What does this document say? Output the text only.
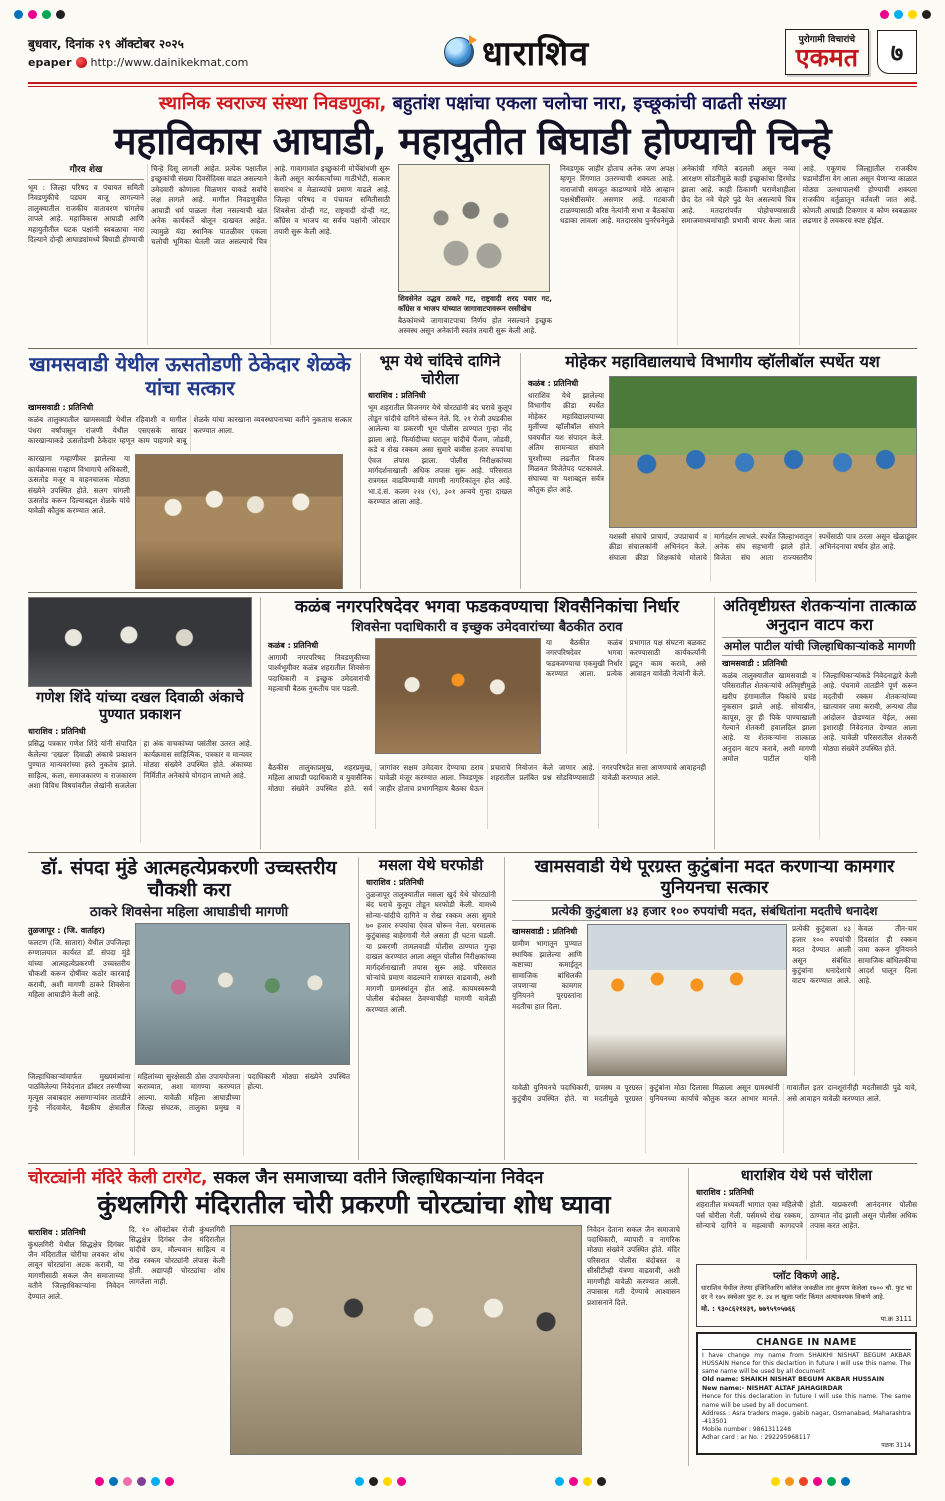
बुधवार, दिनांक २९ ऑक्टोबर २०२५
epaper http://www.dainikekmat.com	धाराशिव	पुरोगामी विचारांचे
एकमत	७
स्थानिक स्वराज्य संस्था निवडणुका, बहुतांश पक्षांचा एकला चलोचा नारा, इच्छूकांची वाढती संख्या
महाविकास आघाडी, महायुतीत बिघाडी होण्याची चिन्हे
गौरव शेख
भूम : जिल्हा परिषद व पंचायत समिती निवडणुकीचे पडघम वाजू लागल्याने तालुक्यातील राजकीय वातावरण चांगलेच तापले आहे. महाविकास आघाडी आणि महायुतीतील घटक पक्षांनी स्वबळाचा नारा दिल्याने दोन्ही आघाड्यांमध्ये बिघाडी होण्याची चिन्हे दिसू लागली आहेत. प्रत्येक पक्षातील इच्छुकांची संख्या दिवसेंदिवस वाढत असल्याने उमेदवारी कोणाला मिळणार याकडे सर्वांचे लक्ष लागले आहे. मागील निवडणुकीत आघाडी धर्म पाळला गेला नसल्याची खंत अनेक कार्यकर्ते बोलून दाखवत आहेत. त्यामुळे यंदा स्थानिक पातळीवर एकला चलोची भूमिका घेतली जात असल्याचे चित्र आहे. गावागावांत इच्छुकांनी मोर्चेबांधणी सुरू केली असून कार्यकर्त्यांच्या गाठीभेटी, सत्कार समारंभ व मेळाव्यांचे प्रमाण वाढले आहे. जिल्हा परिषद व पंचायत समितीसाठी शिवसेना दोन्ही गट, राष्ट्रवादी दोन्ही गट, काँग्रेस व भाजप या सर्वच पक्षांनी जोरदार तयारी सुरू केली आहे.
शिवसेनेत उद्धव ठाकरे गट, राष्ट्रवादी शरद पवार गट, काँग्रेस व भाजप यांच्यात जागावाटपावरून रस्सीखेच
बैठकांमध्ये जागावाटपाचा निर्णय होत नसल्याने इच्छुक अस्वस्थ असून अनेकांनी स्वतंत्र तयारी सुरू केली आहे.
निवडणूक जाहीर होताच अनेक जण अपक्ष म्हणून रिंगणात उतरण्याची शक्यता आहे. नाराजांची समजूत काढण्याचे मोठे आव्हान पक्षश्रेष्ठींसमोर असणार आहे. गटबाजी टाळण्यासाठी वरिष्ठ नेत्यांनी सभा व बैठकांचा धडाका लावला आहे. मतदारसंघ पुनर्रचनेमुळे अनेकांची गणिते बदलली असून नव्या आरक्षण सोडतीमुळे काही इच्छुकांचा हिरमोड झाला आहे. काही ठिकाणी घराणेशाहीला छेद देत नवे चेहरे पुढे येत असल्याचे चित्र आहे. मतदारांपर्यंत पोहोचण्यासाठी समाजमाध्यमांचाही प्रभावी वापर केला जात आहे. एकूणच जिल्ह्यातील राजकीय घडामोडींना वेग आला असून येणाऱ्या काळात मोठ्या उलथापालथी होण्याची शक्यता राजकीय वर्तुळातून वर्तवली जात आहे. कोणती आघाडी टिकणार व कोण स्वबळावर लढणार हे लवकरच स्पष्ट होईल.
खामसवाडी येथील ऊसतोडणी ठेकेदार शेळके यांचा सत्कार
खामसवाडी : प्रतिनिधी
कळंब तालुक्यातील खामसवाडी येथील रहिवाशी व मागील पंधरा वर्षांपासून रांजणी येथील एसएसके साखर कारखान्याकडे ऊसतोडणी ठेकेदार म्हणून काम पाहणारे बाबू शेळके यांचा कारखाना व्यवस्थापनाच्या वतीने नुकताच सत्कार करण्यात आला.
कारखाना गव्हाणीवर झालेल्या या कार्यक्रमास गव्हाण विभागाचे अधिकारी, ऊसतोड मजूर व वाहनचालक मोठ्या संख्येने उपस्थित होते. सलग चांगली ऊसतोड करून दिल्याबद्दल शेळके यांचे यावेळी कौतुक करण्यात आले.
भूम येथे चांदिचे दागिने चोरीला
धाराशिव : प्रतिनिधी
भूम शहरातील विजनगर येथे चोरट्यांनी बंद घराचे कुलूप तोडून चांदीचे दागिने चोरून नेले. दि. २१ रोजी उघडकीस आलेल्या या प्रकरणी भूम पोलीस ठाण्यात गुन्हा नोंद झाला आहे. फिर्यादीच्या घरातून चांदीचे पैंजण, जोडवी, कडे व रोख रक्कम असा सुमारे बावीस हजार रुपयांचा ऐवज लंपास झाला. पोलीस निरीक्षकांच्या मार्गदर्शनाखाली अधिक तपास सुरू आहे. परिसरात रात्रगस्त वाढविण्याची मागणी नागरिकांतून होत आहे. भा.दं.सं. कलम २२४ (९), ३०१ अन्वये गुन्हा दाखल करण्यात आला आहे.
मोहेकर महाविद्यालयाचे विभागीय व्हॉलीबॉल स्पर्धेत यश
कळंब : प्रतिनिधी
धाराशिव येथे झालेल्या विभागीय क्रीडा स्पर्धेत मोहेकर महाविद्यालयाच्या मुलींच्या व्हॉलीबॉल संघाने घवघवीत यश संपादन केले. अंतिम सामन्यात संघाने चुरशीच्या लढतीत विजय मिळवत विजेतेपद पटकावले. संघाच्या या यशाबद्दल सर्वत्र कौतुक होत आहे.
यशस्वी संघाचे प्राचार्य, उपप्राचार्य व क्रीडा संचालकांनी अभिनंदन केले. संघाला क्रीडा शिक्षकांचे मोलाचे मार्गदर्शन लाभले. स्पर्धेत जिल्हाभरातून अनेक संघ सहभागी झाले होते. विजेता संघ आता राज्यस्तरीय स्पर्धेसाठी पात्र ठरला असून खेळाडूंवर अभिनंदनाचा वर्षाव होत आहे.
गणेश शिंदे यांच्या दखल दिवाळी अंकाचे पुण्यात प्रकाशन
धाराशिव : प्रतिनिधी
प्रसिद्ध पत्रकार गणेश शिंदे यांनी संपादित केलेल्या ‘दखल’ दिवाळी अंकाचे प्रकाशन पुण्यात मान्यवरांच्या हस्ते नुकतेच झाले. साहित्य, कला, समाजकारण व राजकारण अशा विविध विषयांवरील लेखांनी सजलेला हा अंक वाचकांच्या पसंतीस उतरत आहे. कार्यक्रमास साहित्यिक, पत्रकार व मान्यवर मोठ्या संख्येने उपस्थित होते. अंकाच्या निर्मितीत अनेकांचे योगदान लाभले आहे.
कळंब नगरपरिषदेवर भगवा फडकवण्याचा शिवसैनिकांचा निर्धार
शिवसेना पदाधिकारी व इच्छुक उमेदवारांच्या बैठकीत ठराव
कळंब : प्रतिनिधी
आगामी नगरपरिषद निवडणुकीच्या पार्श्वभूमीवर कळंब शहरातील शिवसेना पदाधिकारी व इच्छुक उमेदवारांची महत्वाची बैठक नुकतीच पार पडली.
या बैठकीत कळंब नगरपरिषदेवर भगवा फडकवण्याचा एकमुखी निर्धार करण्यात आला. प्रत्येक प्रभागात पक्ष संघटना बळकट करण्यासाठी कार्यकर्त्यांनी झटून काम करावे, असे आवाहन यावेळी नेत्यांनी केले.
बैठकीस तालुकाप्रमुख, शहरप्रमुख, महिला आघाडी पदाधिकारी व युवासैनिक मोठ्या संख्येने उपस्थित होते. सर्व जागांवर सक्षम उमेदवार देण्याचा ठराव यावेळी मंजूर करण्यात आला. निवडणूक जाहीर होताच प्रभागनिहाय बैठका घेऊन प्रचाराचे नियोजन केले जाणार आहे. शहरातील प्रलंबित प्रश्न सोडविण्यासाठी नगरपरिषदेत सत्ता आणण्याचे आवाहनही यावेळी करण्यात आले.
अतिवृष्टीग्रस्त शेतकऱ्यांना तात्काळ अनुदान वाटप करा
अमोल पाटील यांची जिल्हाधिकाऱ्यांकडे मागणी
खामसवाडी : प्रतिनिधी
कळंब तालुक्यातील खामसवाडी व परिसरातील शेतकऱ्यांचे अतिवृष्टीमुळे खरीप हंगामातील पिकांचे प्रचंड नुकसान झाले आहे. सोयाबीन, कापूस, तूर ही पिके पाण्याखाली गेल्याने शेतकरी हवालदिल झाला आहे. या शेतकऱ्यांना तात्काळ अनुदान वाटप करावे, अशी मागणी अमोल पाटील यांनी जिल्हाधिकाऱ्यांकडे निवेदनाद्वारे केली आहे. पंचनामे तातडीने पूर्ण करून मदतीची रक्कम शेतकऱ्यांच्या खात्यावर जमा करावी, अन्यथा तीव्र आंदोलन छेडण्यात येईल, असा इशाराही निवेदनात देण्यात आला आहे. यावेळी परिसरातील शेतकरी मोठ्या संख्येने उपस्थित होते.
डॉ. संपदा मुंडे आत्महत्येप्रकरणी उच्चस्तरीय चौकशी करा
ठाकरे शिवसेना महिला आघाडीची मागणी
तुळजापूर : (जि. वार्ताहर)
फलटण (जि. सातारा) येथील उपजिल्हा रुग्णालयात कार्यरत डॉ. संपदा मुंडे यांच्या आत्महत्येप्रकरणी उच्चस्तरीय चौकशी करून दोषींवर कठोर कारवाई करावी, अशी मागणी ठाकरे शिवसेना महिला आघाडीने केली आहे.
जिल्हाधिकाऱ्यांमार्फत मुख्यमंत्र्यांना पाठविलेल्या निवेदनात डॉक्टर तरुणीच्या मृत्यूस जबाबदार असणाऱ्यांवर तातडीने गुन्हे नोंदवावेत, वैद्यकीय क्षेत्रातील महिलांच्या सुरक्षेसाठी ठोस उपाययोजना कराव्यात, अशा मागण्या करण्यात आल्या. यावेळी महिला आघाडीच्या जिल्हा संघटक, तालुका प्रमुख व पदाधिकारी मोठ्या संख्येने उपस्थित होत्या.
मसला येथे घरफोडी
धाराशिव : प्रतिनिधी
तुळजापूर तालुक्यातील मसला खुर्द येथे चोरट्यांनी बंद घराचे कुलूप तोडून घरफोडी केली. यामध्ये सोन्या-चांदीचे दागिने व रोख रक्कम असा सुमारे ७० हजार रुपयांचा ऐवज चोरून नेला. घरमालक कुटुंबासह बाहेरगावी गेले असता ही घटना घडली. या प्रकरणी तामलवाडी पोलीस ठाण्यात गुन्हा दाखल करण्यात आला असून पोलीस निरीक्षकांच्या मार्गदर्शनाखाली तपास सुरू आहे. परिसरात चोऱ्यांचे प्रमाण वाढल्याने रात्रगस्त वाढवावी, अशी मागणी ग्रामस्थांतून होत आहे. कायमस्वरूपी पोलीस बंदोबस्त ठेवण्याचीही मागणी यावेळी करण्यात आली.
खामसवाडी येथे पूरग्रस्त कुटुंबांना मदत करणाऱ्या कामगार युनियनचा सत्कार
प्रत्येकी कुटुंबाला ४३ हजार १०० रुपयांची मदत, संबंधितांना मदतीचे धनादेश
खामसवाडी : प्रतिनिधी
ग्रामीण भागातून पुण्यात स्थायिक झालेल्या आणि कष्टाच्या कमाईतून सामाजिक बांधिलकी जपणाऱ्या कामगार युनियनने पूरग्रस्तांना मदतीचा हात दिला.
प्रत्येकी कुटुंबाला ४३ हजार १०० रुपयांची मदत देण्यात आली असून संबंधित कुटुंबांना धनादेशाचे वाटप करण्यात आले. केवळ तीन-चार दिवसांत ही रक्कम जमा करून युनियनने सामाजिक बांधिलकीचा आदर्श घालून दिला आहे.
यावेळी युनियनचे पदाधिकारी, ग्रामस्थ व पूरग्रस्त कुटुंबीय उपस्थित होते. या मदतीमुळे पूरग्रस्त कुटुंबांना मोठा दिलासा मिळाला असून ग्रामस्थांनी युनियनच्या कार्याचे कौतुक करत आभार मानले. गावातील इतर दानशूरांनीही मदतीसाठी पुढे यावे, असे आवाहन यावेळी करण्यात आले.
चोरट्यांनी मंदिरे केली टारगेट, सकल जैन समाजाच्या वतीने जिल्हाधिकाऱ्यांना निवेदन
कुंथलगिरी मंदिरातील चोरी प्रकरणी चोरट्यांचा शोध घ्यावा
धाराशिव : प्रतिनिधी
कुंथलगिरी येथील सिद्धक्षेत्र दिगंबर जैन मंदिरातील चोरीचा लवकर शोध लावून चोरट्यांना अटक करावी, या मागणीसाठी सकल जैन समाजाच्या वतीने जिल्हाधिकाऱ्यांना निवेदन देण्यात आले.
दि. १० ऑक्टोबर रोजी कुंथलगिरी सिद्धक्षेत्र दिगंबर जैन मंदिरातील चांदीचे छत्र, मौल्यवान साहित्य व रोख रक्कम चोरट्यांनी लंपास केली होती. अद्यापही चोरट्यांचा शोध लागलेला नाही.
निवेदन देताना सकल जैन समाजाचे पदाधिकारी, व्यापारी व नागरिक मोठ्या संख्येने उपस्थित होते. मंदिर परिसरात पोलीस बंदोबस्त व सीसीटीव्ही यंत्रणा वाढवावी, अशी मागणीही यावेळी करण्यात आली. तपासास गती देण्याचे आश्वासन प्रशासनाने दिले.
धाराशिव येथे पर्स चोरीला
धाराशिव : प्रतिनिधी
शहरातील मध्यवर्ती भागात एका महिलेची पर्स चोरीला गेली. पर्समध्ये रोख रक्कम, सोन्याचे दागिने व महत्वाची कागदपत्रे होती. याप्रकरणी आनंदनगर पोलीस ठाण्यात नोंद झाली असून पोलीस अधिक तपास करत आहेत.
प्लॉट विकणे आहे.
धाराशिव येथील तेरणा इंजिनिअरिंग कॉलेज जवळील तार कुंपण केलेला १७०० चौ. फुट चा दर ने १७५ स्क्वेअर फुट रु. ३४ ल खुला प्लॉट किंमत अत्यावश्यक विकणे आहे.
मो. : ९३०८६२१४३९, ७७९५९०५७६६
पा.क्र 3111
CHANGE IN NAME
I have change my name from SHAIKHI NISHAT BEGUM AKBAR HUSSAIN Hence for this declartion in future I will use this name. The same name will be used by all document
Old name: SHAIKH NISHAT BEGUM AKBAR HUSSAIN
New name:- NISHAT ALTAF JAHAGIRDAR
Hence for this declaration in future I will use this name. The same name will be used by all document.
Address : Asra traders mage, gabib nagar, Osmanabad, Maharashtra -413501
Mobile number : 9861311248
Adhar card : ar No. : 292295968117
पळक 3114
